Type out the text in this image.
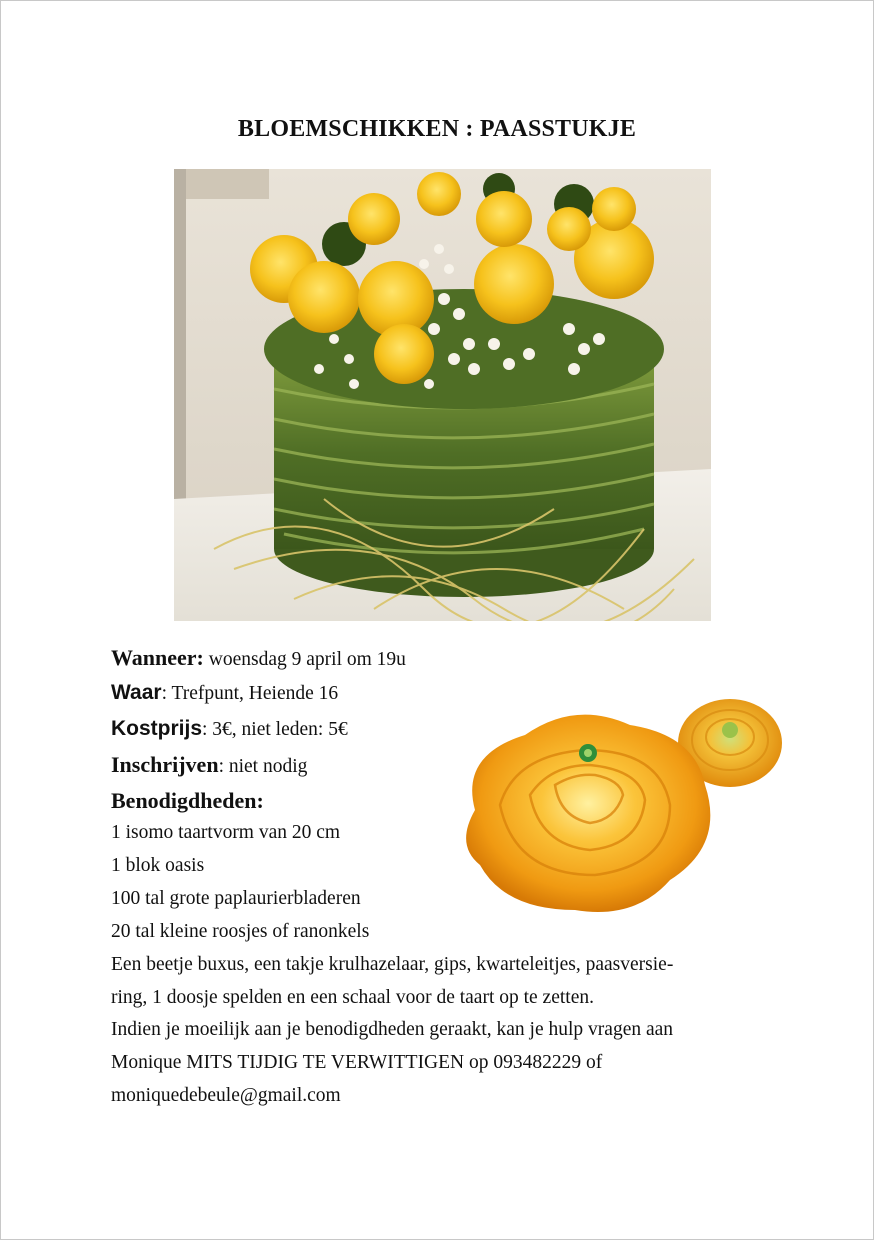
BLOEMSCHIKKEN : PAASSTUKJE
Wanneer: woensdag 9 april om 19u
Waar: Trefpunt, Heiende 16
Kostprijs: 3€, niet leden: 5€
Inschrijven: niet nodig
Benodigdheden:
1 isomo taartvorm van 20 cm
1 blok oasis
100 tal grote paplaurierbladeren
20 tal kleine roosjes of ranonkels
Een beetje buxus, een takje krulhazelaar, gips, kwarteleitjes, paasversie-
ring, 1 doosje spelden en een schaal voor de taart op te zetten.
Indien je moeilijk aan je benodigdheden geraakt, kan je hulp vragen aan
Monique MITS TIJDIG TE VERWITTIGEN op 093482229 of
moniquedebeule@gmail.com
